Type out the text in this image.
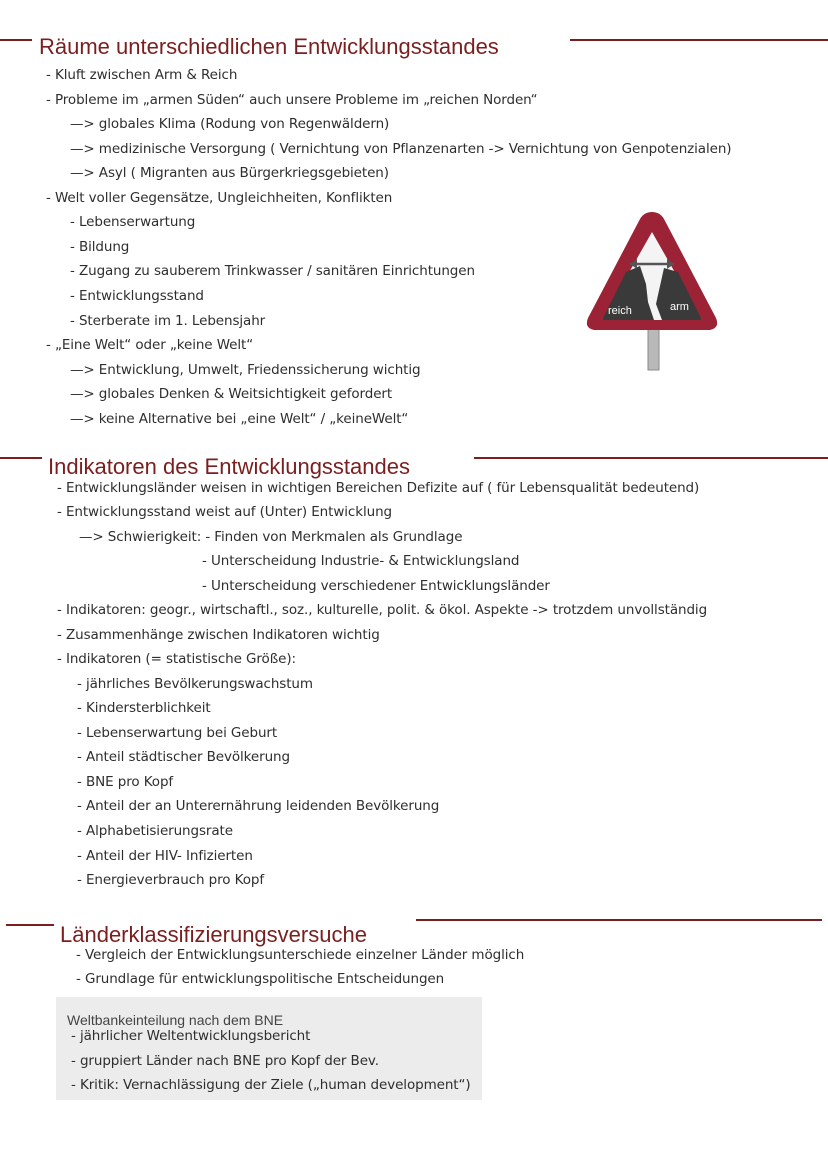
Räume unterschiedlichen Entwicklungsstandes
- Kluft zwischen Arm & Reich
- Probleme im „armen Süden“ auch unsere Probleme im „reichen Norden“
—> globales Klima (Rodung von Regenwäldern)
—> medizinische Versorgung ( Vernichtung von Pflanzenarten -> Vernichtung von Genpotenzialen)
—> Asyl ( Migranten aus Bürgerkriegsgebieten)
- Welt voller Gegensätze, Ungleichheiten, Konflikten
- Lebenserwartung
- Bildung
- Zugang zu sauberem Trinkwasser / sanitären Einrichtungen
- Entwicklungsstand
- Sterberate im 1. Lebensjahr
- „Eine Welt“ oder „keine Welt“
—> Entwicklung, Umwelt, Friedenssicherung wichtig
—> globales Denken & Weitsichtigkeit gefordert
—> keine Alternative bei „eine Welt“ / „keineWelt“
reich	arm
Indikatoren des Entwicklungsstandes
- Entwicklungsländer weisen in wichtigen Bereichen Defizite auf ( für Lebensqualität bedeutend)
- Entwicklungsstand weist auf (Unter) Entwicklung
—> Schwierigkeit: - Finden von Merkmalen als Grundlage
- Unterscheidung Industrie- & Entwicklungsland
- Unterscheidung verschiedener Entwicklungsländer
- Indikatoren: geogr., wirtschaftl., soz., kulturelle, polit. & ökol. Aspekte -> trotzdem unvollständig
- Zusammenhänge zwischen Indikatoren wichtig
- Indikatoren (= statistische Größe):
- jährliches Bevölkerungswachstum
- Kindersterblichkeit
- Lebenserwartung bei Geburt
- Anteil städtischer Bevölkerung
- BNE pro Kopf
- Anteil der an Unterernährung leidenden Bevölkerung
- Alphabetisierungsrate
- Anteil der HIV- Infizierten
- Energieverbrauch pro Kopf
Länderklassifizierungsversuche
- Vergleich der Entwicklungsunterschiede einzelner Länder möglich
- Grundlage für entwicklungspolitische Entscheidungen
Weltbankeinteilung nach dem BNE
- jährlicher Weltentwicklungsbericht
- gruppiert Länder nach BNE pro Kopf der Bev.
- Kritik: Vernachlässigung der Ziele („human development“)
